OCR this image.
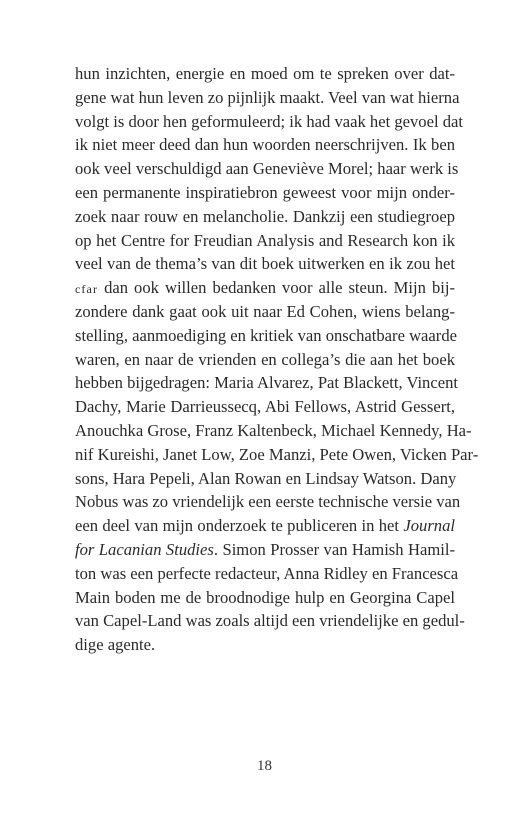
hun inzichten, energie en moed om te spreken over dat-
gene wat hun leven zo pijnlijk maakt. Veel van wat hierna
volgt is door hen geformuleerd; ik had vaak het gevoel dat
ik niet meer deed dan hun woorden neerschrijven. Ik ben
ook veel verschuldigd aan Geneviève Morel; haar werk is
een permanente inspiratiebron geweest voor mijn onder-
zoek naar rouw en melancholie. Dankzij een studiegroep
op het Centre for Freudian Analysis and Research kon ik
veel van de thema’s van dit boek uitwerken en ik zou het
cfar dan ook willen bedanken voor alle steun. Mijn bij-
zondere dank gaat ook uit naar Ed Cohen, wiens belang-
stelling, aanmoediging en kritiek van onschatbare waarde
waren, en naar de vrienden en collega’s die aan het boek
hebben bijgedragen: Maria Alvarez, Pat Blackett, Vincent
Dachy, Marie Darrieussecq, Abi Fellows, Astrid Gessert,
Anouchka Grose, Franz Kaltenbeck, Michael Kennedy, Ha-
nif Kureishi, Janet Low, Zoe Manzi, Pete Owen, Vicken Par-
sons, Hara Pepeli, Alan Rowan en Lindsay Watson. Dany
Nobus was zo vriendelijk een eerste technische versie van
een deel van mijn onderzoek te publiceren in het Journal
for Lacanian Studies. Simon Prosser van Hamish Hamil-
ton was een perfecte redacteur, Anna Ridley en Francesca
Main boden me de broodnodige hulp en Georgina Capel
van Capel-Land was zoals altijd een vriendelijke en gedul-
dige agente.
18
